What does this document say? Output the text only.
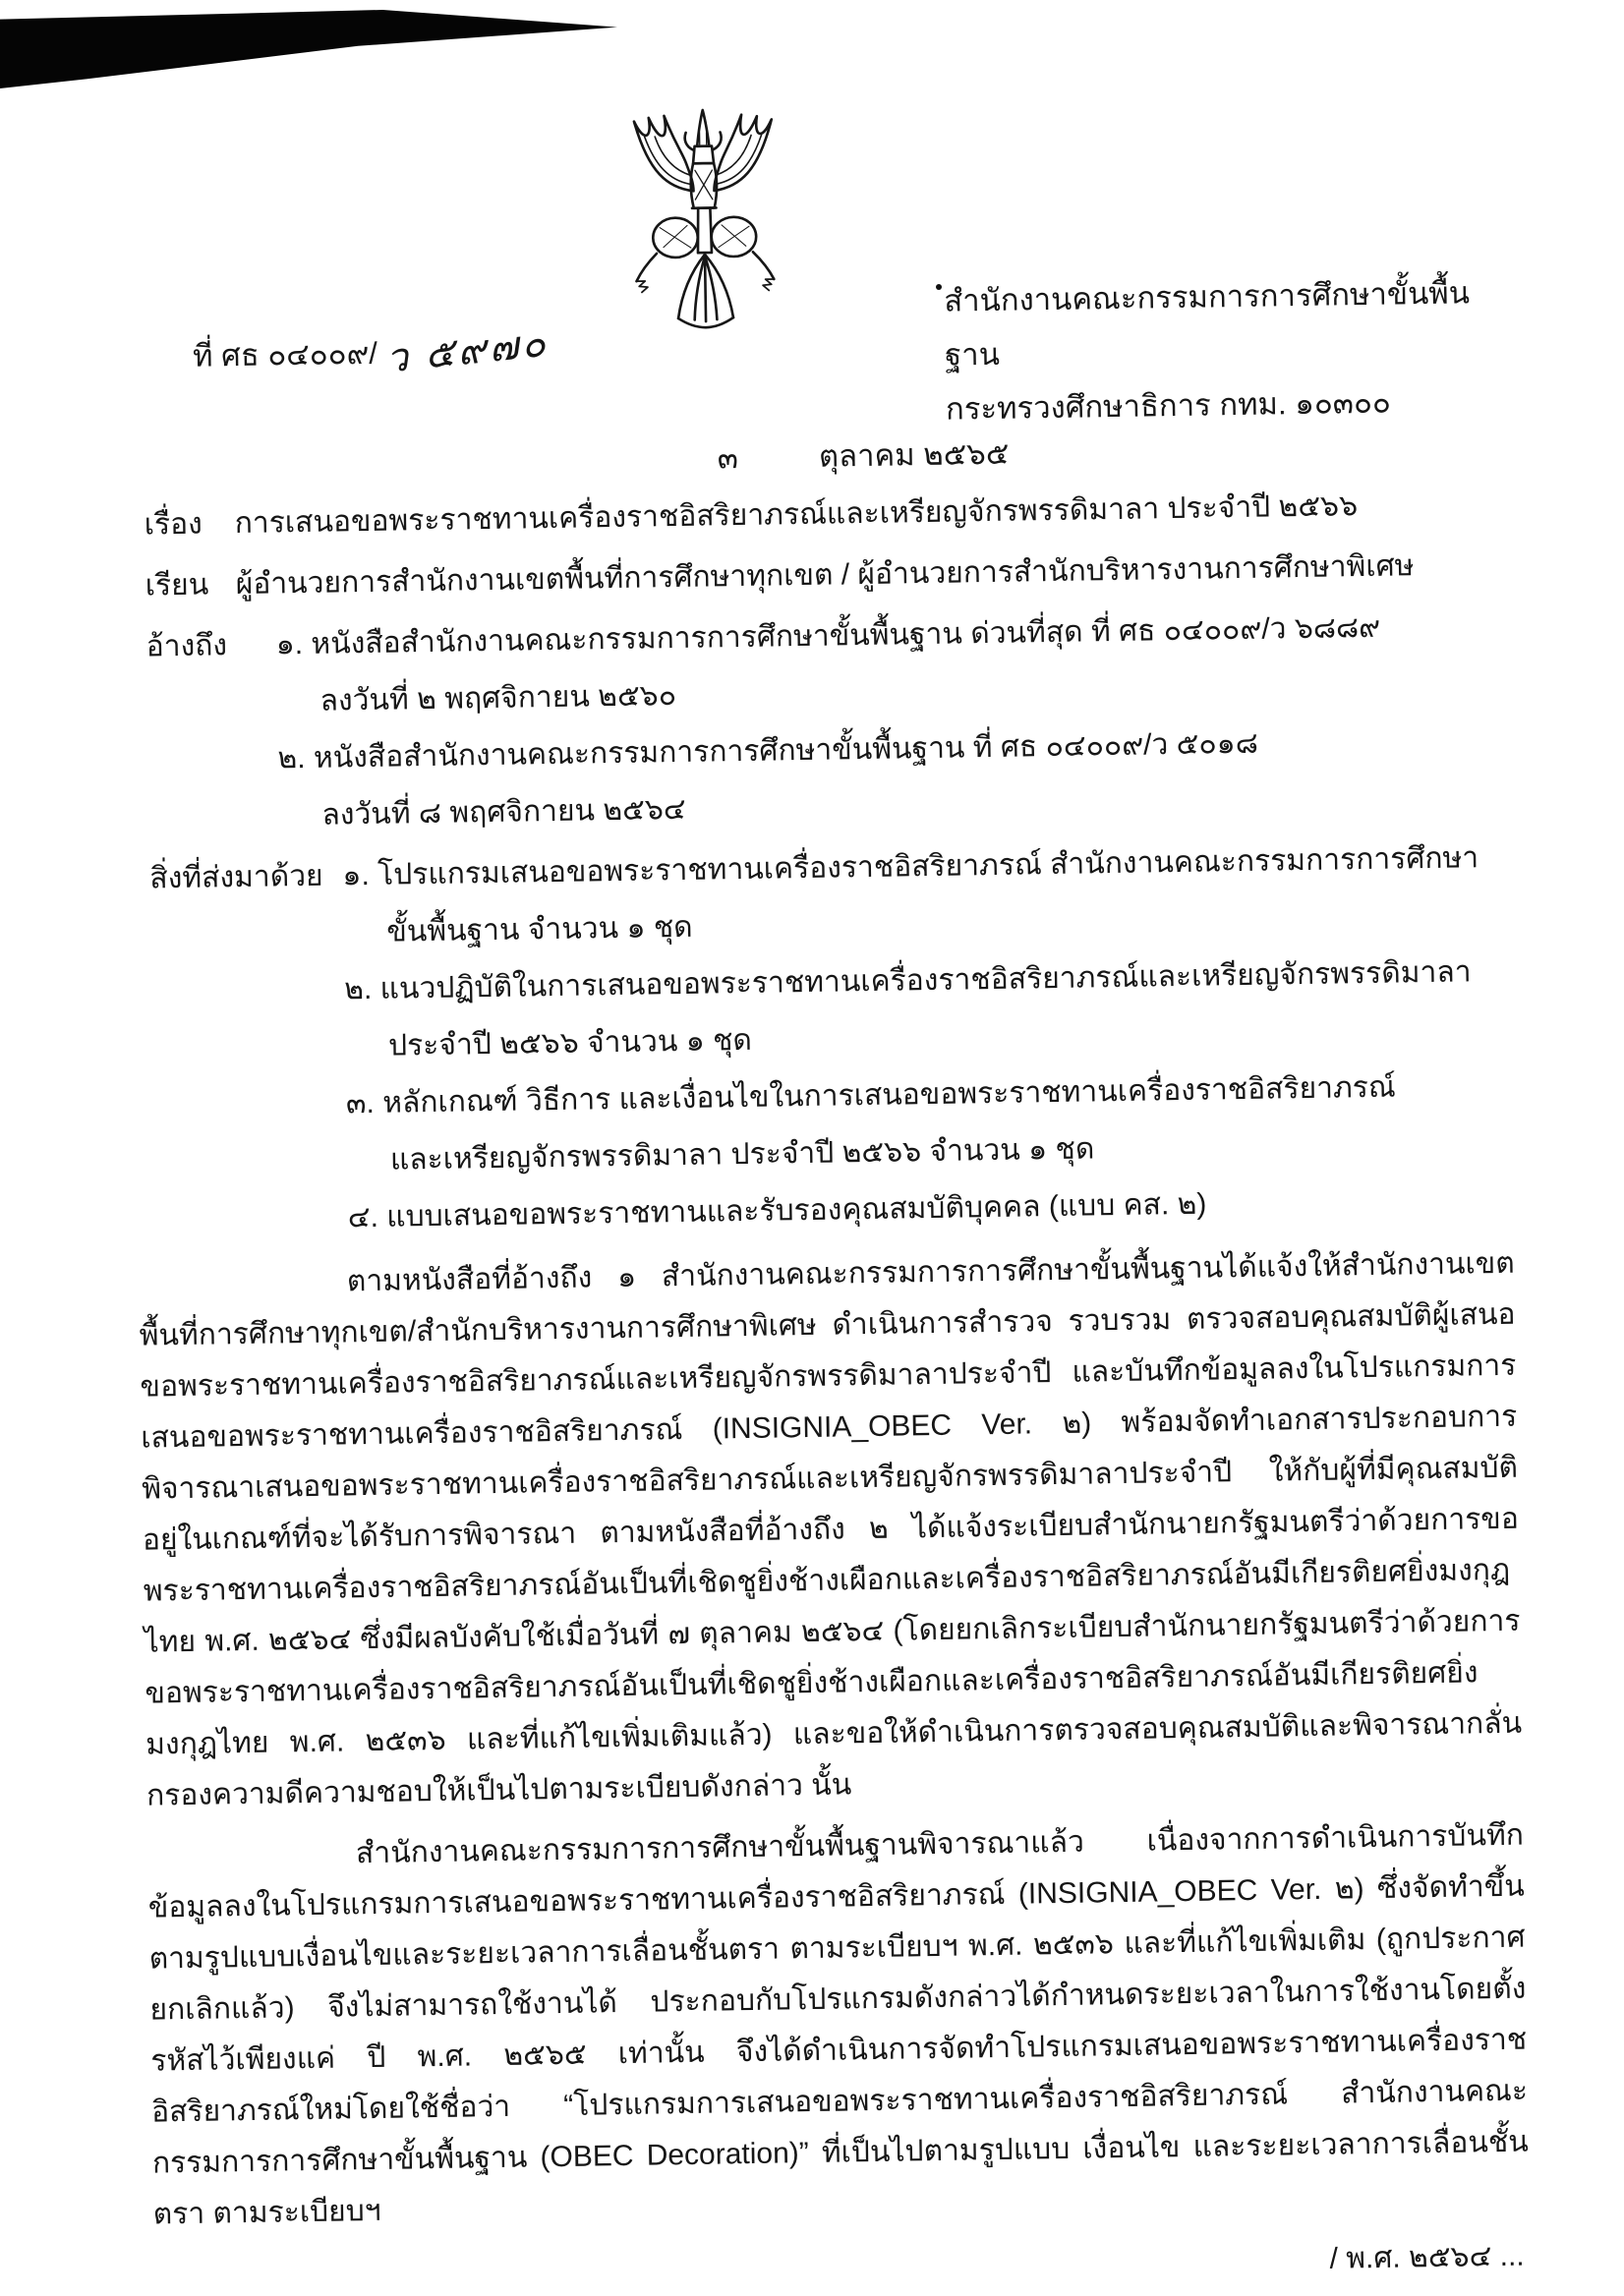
ที่ ศธ ๐๔๐๐๙/ ว ๕๙๗๐
สำนักงานคณะกรรมการการศึกษาขั้นพื้นฐาน
กระทรวงศึกษาธิการ กทม. ๑๐๓๐๐
๓	ตุลาคม ๒๕๖๕
เรื่อง	การเสนอขอพระราชทานเครื่องราชอิสริยาภรณ์และเหรียญจักรพรรดิมาลา ประจำปี ๒๕๖๖
เรียน ผู้อำนวยการสำนักงานเขตพื้นที่การศึกษาทุกเขต / ผู้อำนวยการสำนักบริหารงานการศึกษาพิเศษ
อ้างถึง	๑. หนังสือสำนักงานคณะกรรมการการศึกษาขั้นพื้นฐาน ด่วนที่สุด ที่ ศธ ๐๔๐๐๙/ว ๖๘๘๙
ลงวันที่ ๒ พฤศจิกายน ๒๕๖๐
๒. หนังสือสำนักงานคณะกรรมการการศึกษาขั้นพื้นฐาน ที่ ศธ ๐๔๐๐๙/ว ๕๐๑๘
ลงวันที่ ๘ พฤศจิกายน ๒๕๖๔
สิ่งที่ส่งมาด้วย ๑. โปรแกรมเสนอขอพระราชทานเครื่องราชอิสริยาภรณ์ สำนักงานคณะกรรมการการศึกษา
ขั้นพื้นฐาน จำนวน ๑ ชุด
๒. แนวปฏิบัติในการเสนอขอพระราชทานเครื่องราชอิสริยาภรณ์และเหรียญจักรพรรดิมาลา
ประจำปี ๒๕๖๖ จำนวน ๑ ชุด
๓. หลักเกณฑ์ วิธีการ และเงื่อนไขในการเสนอขอพระราชทานเครื่องราชอิสริยาภรณ์
และเหรียญจักรพรรดิมาลา ประจำปี ๒๕๖๖ จำนวน ๑ ชุด
๔. แบบเสนอขอพระราชทานและรับรองคุณสมบัติบุคคล (แบบ คส. ๒)

ตามหนังสือที่อ้างถึง ๑ สำนักงานคณะกรรมการการศึกษาขั้นพื้นฐานได้แจ้งให้สำนักงานเขตพื้นที่การศึกษาทุกเขต/สำนักบริหารงานการศึกษาพิเศษ ดำเนินการสำรวจ รวบรวม ตรวจสอบคุณสมบัติผู้เสนอขอพระราชทานเครื่องราชอิสริยาภรณ์และเหรียญจักรพรรดิมาลาประจำปี และบันทึกข้อมูลลงในโปรแกรมการเสนอขอพระราชทานเครื่องราชอิสริยาภรณ์ (INSIGNIA_OBEC Ver. ๒) พร้อมจัดทำเอกสารประกอบการพิจารณาเสนอขอพระราชทานเครื่องราชอิสริยาภรณ์และเหรียญจักรพรรดิมาลาประจำปี ให้กับผู้ที่มีคุณสมบัติอยู่ในเกณฑ์ที่จะได้รับการพิจารณา ตามหนังสือที่อ้างถึง ๒ ได้แจ้งระเบียบสำนักนายกรัฐมนตรีว่าด้วยการขอพระราชทานเครื่องราชอิสริยาภรณ์อันเป็นที่เชิดชูยิ่งช้างเผือกและเครื่องราชอิสริยาภรณ์อันมีเกียรติยศยิ่งมงกุฎไทย พ.ศ. ๒๕๖๔ ซึ่งมีผลบังคับใช้เมื่อวันที่ ๗ ตุลาคม ๒๕๖๔ (โดยยกเลิกระเบียบสำนักนายกรัฐมนตรีว่าด้วยการขอพระราชทานเครื่องราชอิสริยาภรณ์อันเป็นที่เชิดชูยิ่งช้างเผือกและเครื่องราชอิสริยาภรณ์อันมีเกียรติยศยิ่งมงกุฎไทย พ.ศ. ๒๕๓๖ และที่แก้ไขเพิ่มเติมแล้ว) และขอให้ดำเนินการตรวจสอบคุณสมบัติและพิจารณากลั่นกรองความดีความชอบให้เป็นไปตามระเบียบดังกล่าว นั้น

สำนักงานคณะกรรมการการศึกษาขั้นพื้นฐานพิจารณาแล้ว เนื่องจากการดำเนินการบันทึกข้อมูลลงในโปรแกรมการเสนอขอพระราชทานเครื่องราชอิสริยาภรณ์ (INSIGNIA_OBEC Ver. ๒) ซึ่งจัดทำขึ้นตามรูปแบบเงื่อนไขและระยะเวลาการเลื่อนชั้นตรา ตามระเบียบฯ พ.ศ. ๒๕๓๖ และที่แก้ไขเพิ่มเติม (ถูกประกาศยกเลิกแล้ว) จึงไม่สามารถใช้งานได้ ประกอบกับโปรแกรมดังกล่าวได้กำหนดระยะเวลาในการใช้งานโดยตั้งรหัสไว้เพียงแค่ ปี พ.ศ. ๒๕๖๕ เท่านั้น จึงได้ดำเนินการจัดทำโปรแกรมเสนอขอพระราชทานเครื่องราชอิสริยาภรณ์ใหม่โดยใช้ชื่อว่า “โปรแกรมการเสนอขอพระราชทานเครื่องราชอิสริยาภรณ์ สำนักงานคณะกรรมการการศึกษาขั้นพื้นฐาน (OBEC Decoration)” ที่เป็นไปตามรูปแบบ เงื่อนไข และระยะเวลาการเลื่อนชั้นตรา ตามระเบียบฯ

/ พ.ศ. ๒๕๖๔ ...
